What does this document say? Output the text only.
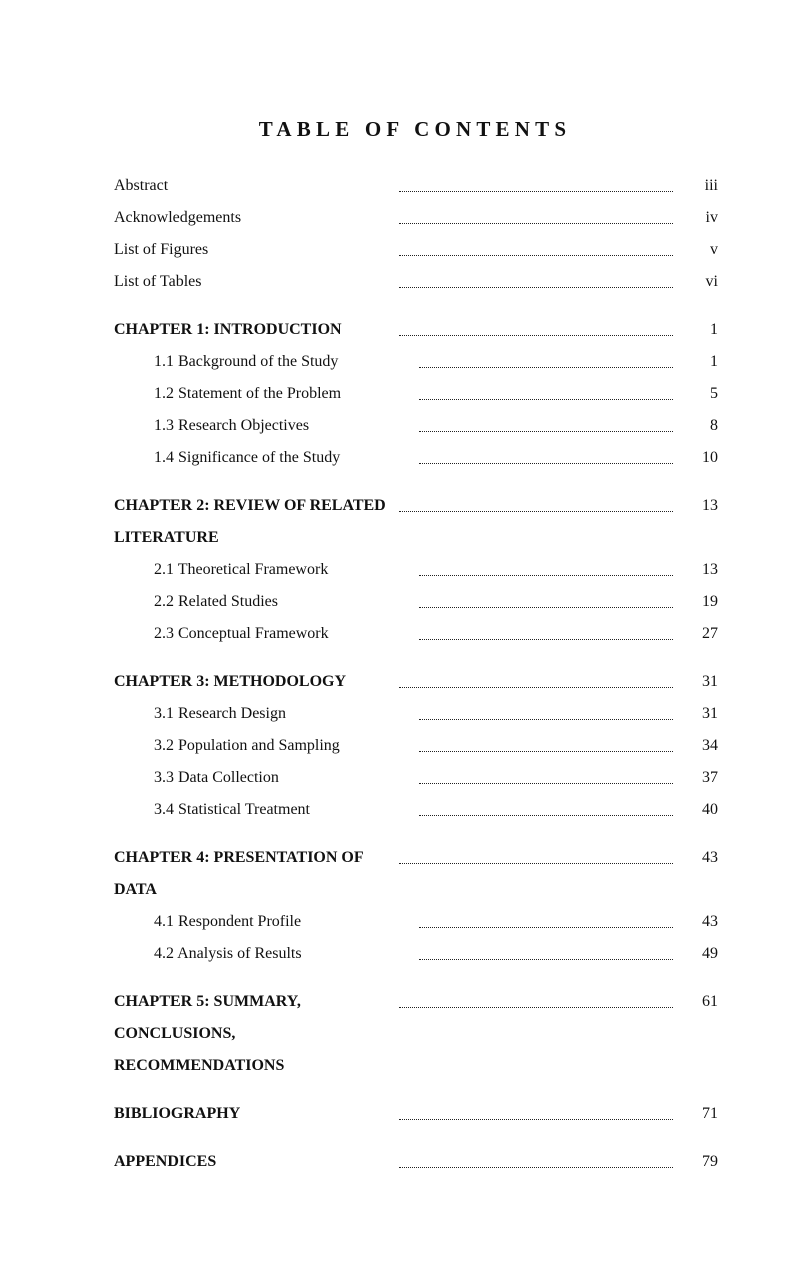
TABLE OF CONTENTS
Abstract	iii
Acknowledgements	iv
List of Figures	v
List of Tables	vi
CHAPTER 1: INTRODUCTION	1
1.1 Background of the Study	1
1.2 Statement of the Problem	5
1.3 Research Objectives	8
1.4 Significance of the Study	10
CHAPTER 2: REVIEW OF RELATED	13
LITERATURE
2.1 Theoretical Framework	13
2.2 Related Studies	19
2.3 Conceptual Framework	27
CHAPTER 3: METHODOLOGY	31
3.1 Research Design	31
3.2 Population and Sampling	34
3.3 Data Collection	37
3.4 Statistical Treatment	40
CHAPTER 4: PRESENTATION OF	43
DATA
4.1 Respondent Profile	43
4.2 Analysis of Results	49
CHAPTER 5: SUMMARY,	61
CONCLUSIONS,
RECOMMENDATIONS
BIBLIOGRAPHY	71
APPENDICES	79
